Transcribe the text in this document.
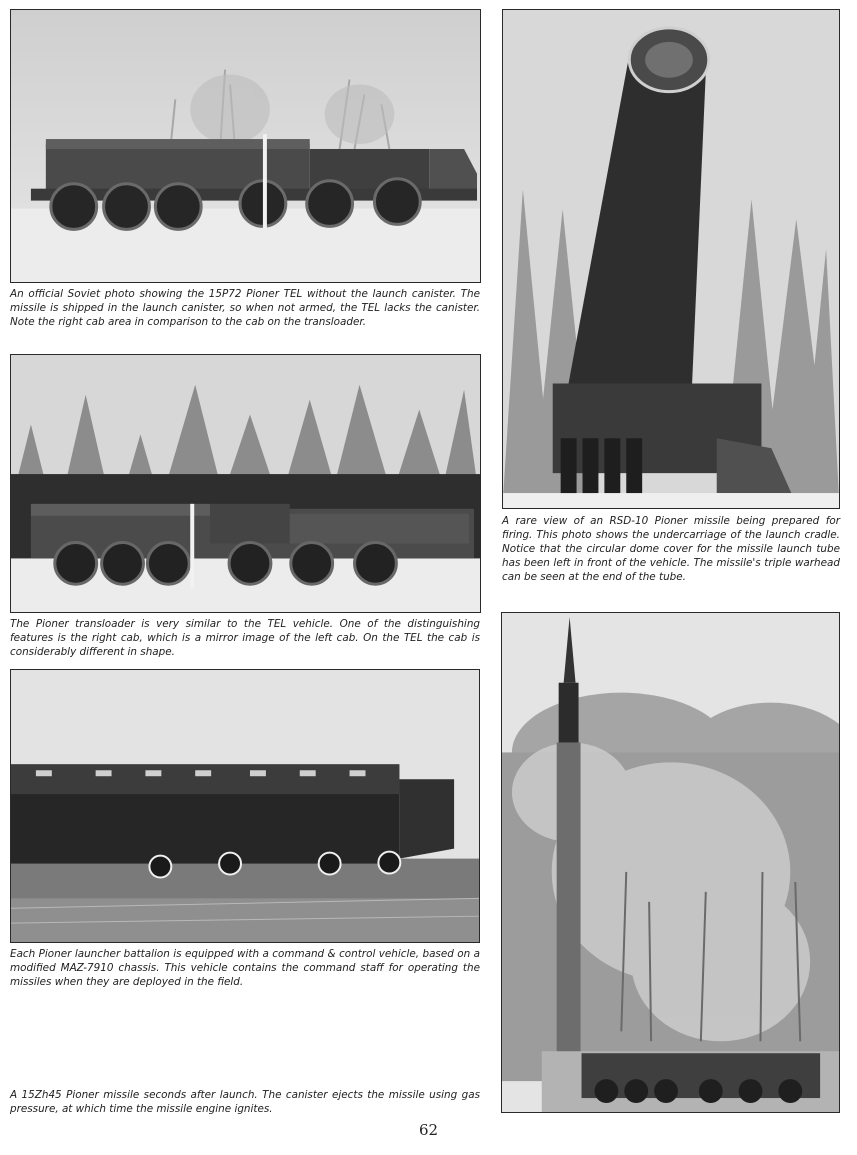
An official Soviet photo showing the 15P72 Pioner TEL without the launch canister. The missile is shipped in the launch canister, so when not armed, the TEL lacks the canister. Note the right cab area in comparison to the cab on the transloader.

The Pioner transloader is very similar to the TEL vehicle. One of the distinguishing features is the right cab, which is a mirror image of the left cab. On the TEL the cab is considerably different in shape.

Each Pioner launcher battalion is equipped with a command & control vehicle, based on a modified MAZ-7910 chassis. This vehicle contains the command staff for operating the missiles when they are deployed in the field.

A rare view of an RSD-10 Pioner missile being prepared for firing. This photo shows the undercarriage of the launch cradle. Notice that the circular dome cover for the missile launch tube has been left in front of the vehicle. The missile's triple warhead can be seen at the end of the tube.

A 15Zh45 Pioner missile seconds after launch. The canister ejects the missile using gas pressure, at which time the missile engine ignites.

62
